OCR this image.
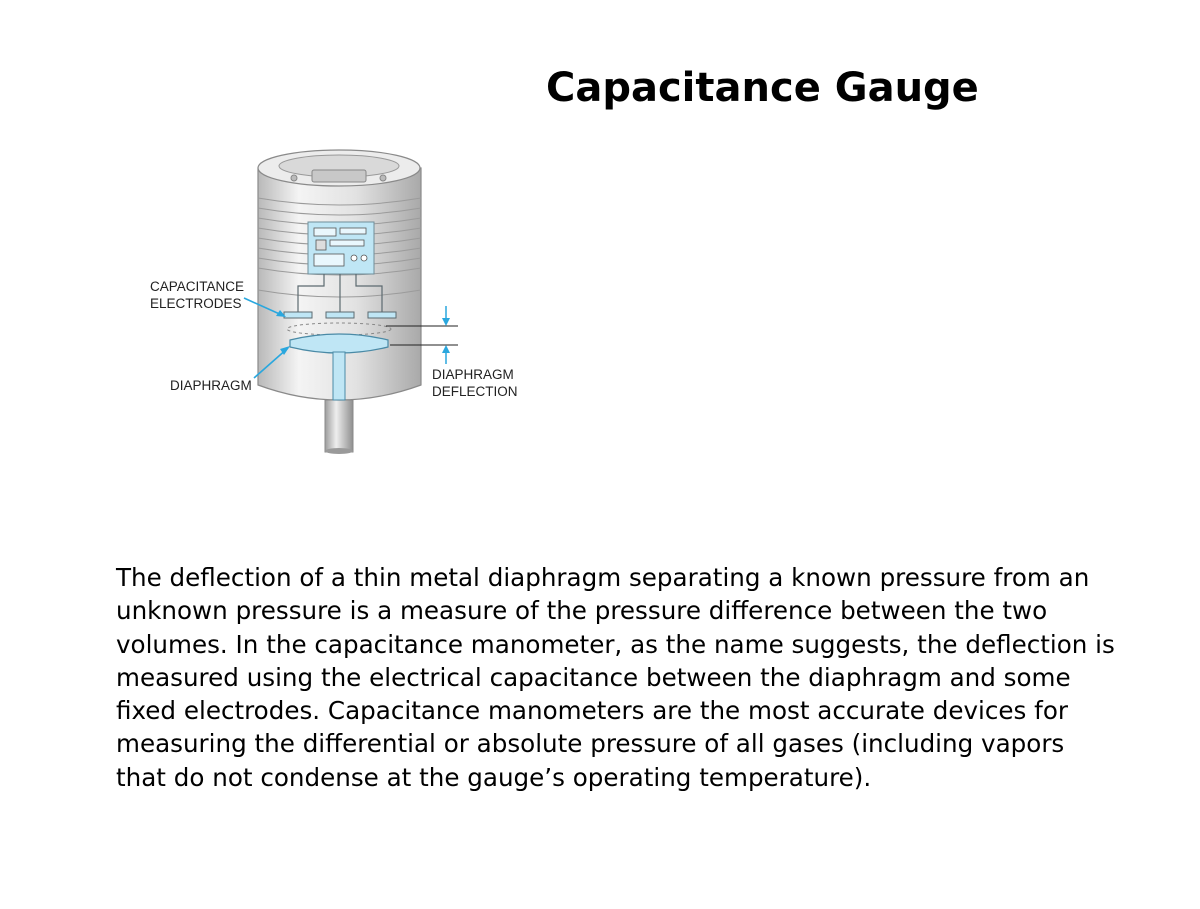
Capacitance Gauge
CAPACITANCE
ELECTRODES
DIAPHRAGM
DIAPHRAGM
DEFLECTION

The deflection of a thin metal diaphragm separating a known pressure from an unknown pressure is a measure of the pressure difference between the two volumes. In the capacitance manometer, as the name suggests, the deflection is measured using the electrical capacitance between the diaphragm and some fixed electrodes. Capacitance manometers are the most accurate devices for measuring the differential or absolute pressure of all gases (including vapors that do not condense at the gauge’s operating temperature).
